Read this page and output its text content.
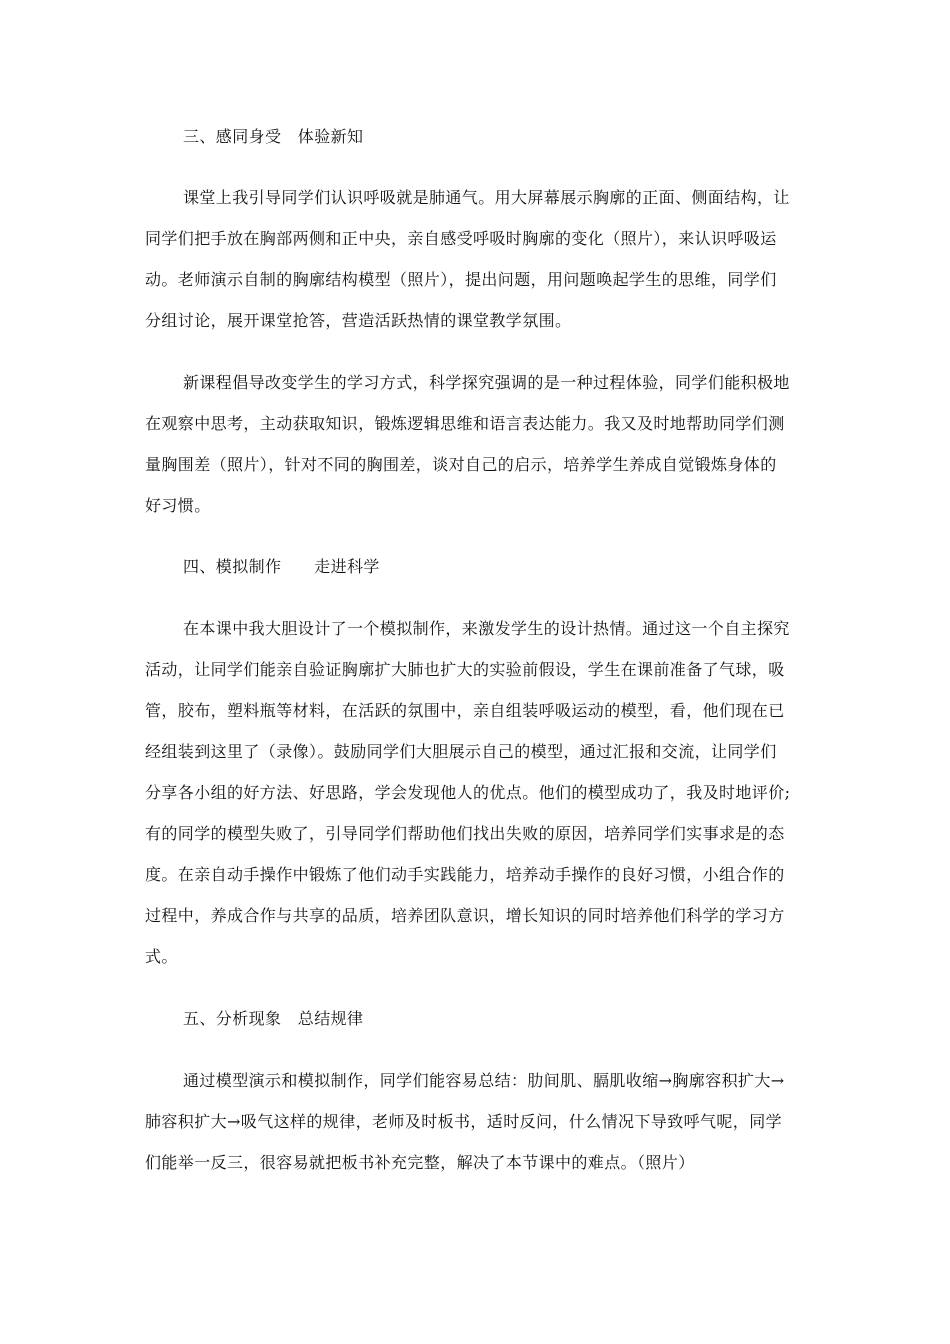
三、感同身受　体验新知
课堂上我引导同学们认识呼吸就是肺通气。用大屏幕展示胸廓的正面、侧面结构，让
同学们把手放在胸部两侧和正中央，亲自感受呼吸时胸廓的变化（照片），来认识呼吸运
动。老师演示自制的胸廓结构模型（照片），提出问题，用问题唤起学生的思维，同学们
分组讨论，展开课堂抢答，营造活跃热情的课堂教学氛围。
新课程倡导改变学生的学习方式，科学探究强调的是一种过程体验，同学们能积极地
在观察中思考，主动获取知识，锻炼逻辑思维和语言表达能力。我又及时地帮助同学们测
量胸围差（照片），针对不同的胸围差，谈对自己的启示，培养学生养成自觉锻炼身体的
好习惯。
四、模拟制作　　走进科学
在本课中我大胆设计了一个模拟制作，来激发学生的设计热情。通过这一个自主探究
活动，让同学们能亲自验证胸廓扩大肺也扩大的实验前假设，学生在课前准备了气球，吸
管，胶布，塑料瓶等材料，在活跃的氛围中，亲自组装呼吸运动的模型，看，他们现在已
经组装到这里了（录像）。鼓励同学们大胆展示自己的模型，通过汇报和交流，让同学们
分享各小组的好方法、好思路，学会发现他人的优点。他们的模型成功了，我及时地评价;
有的同学的模型失败了，引导同学们帮助他们找出失败的原因，培养同学们实事求是的态
度。在亲自动手操作中锻炼了他们动手实践能力，培养动手操作的良好习惯，小组合作的
过程中，养成合作与共享的品质，培养团队意识，增长知识的同时培养他们科学的学习方
式。
五、分析现象　总结规律
通过模型演示和模拟制作，同学们能容易总结：肋间肌、膈肌收缩→胸廓容积扩大→
肺容积扩大→吸气这样的规律，老师及时板书，适时反问，什么情况下导致呼气呢，同学
们能举一反三，很容易就把板书补充完整，解决了本节课中的难点。（照片）
